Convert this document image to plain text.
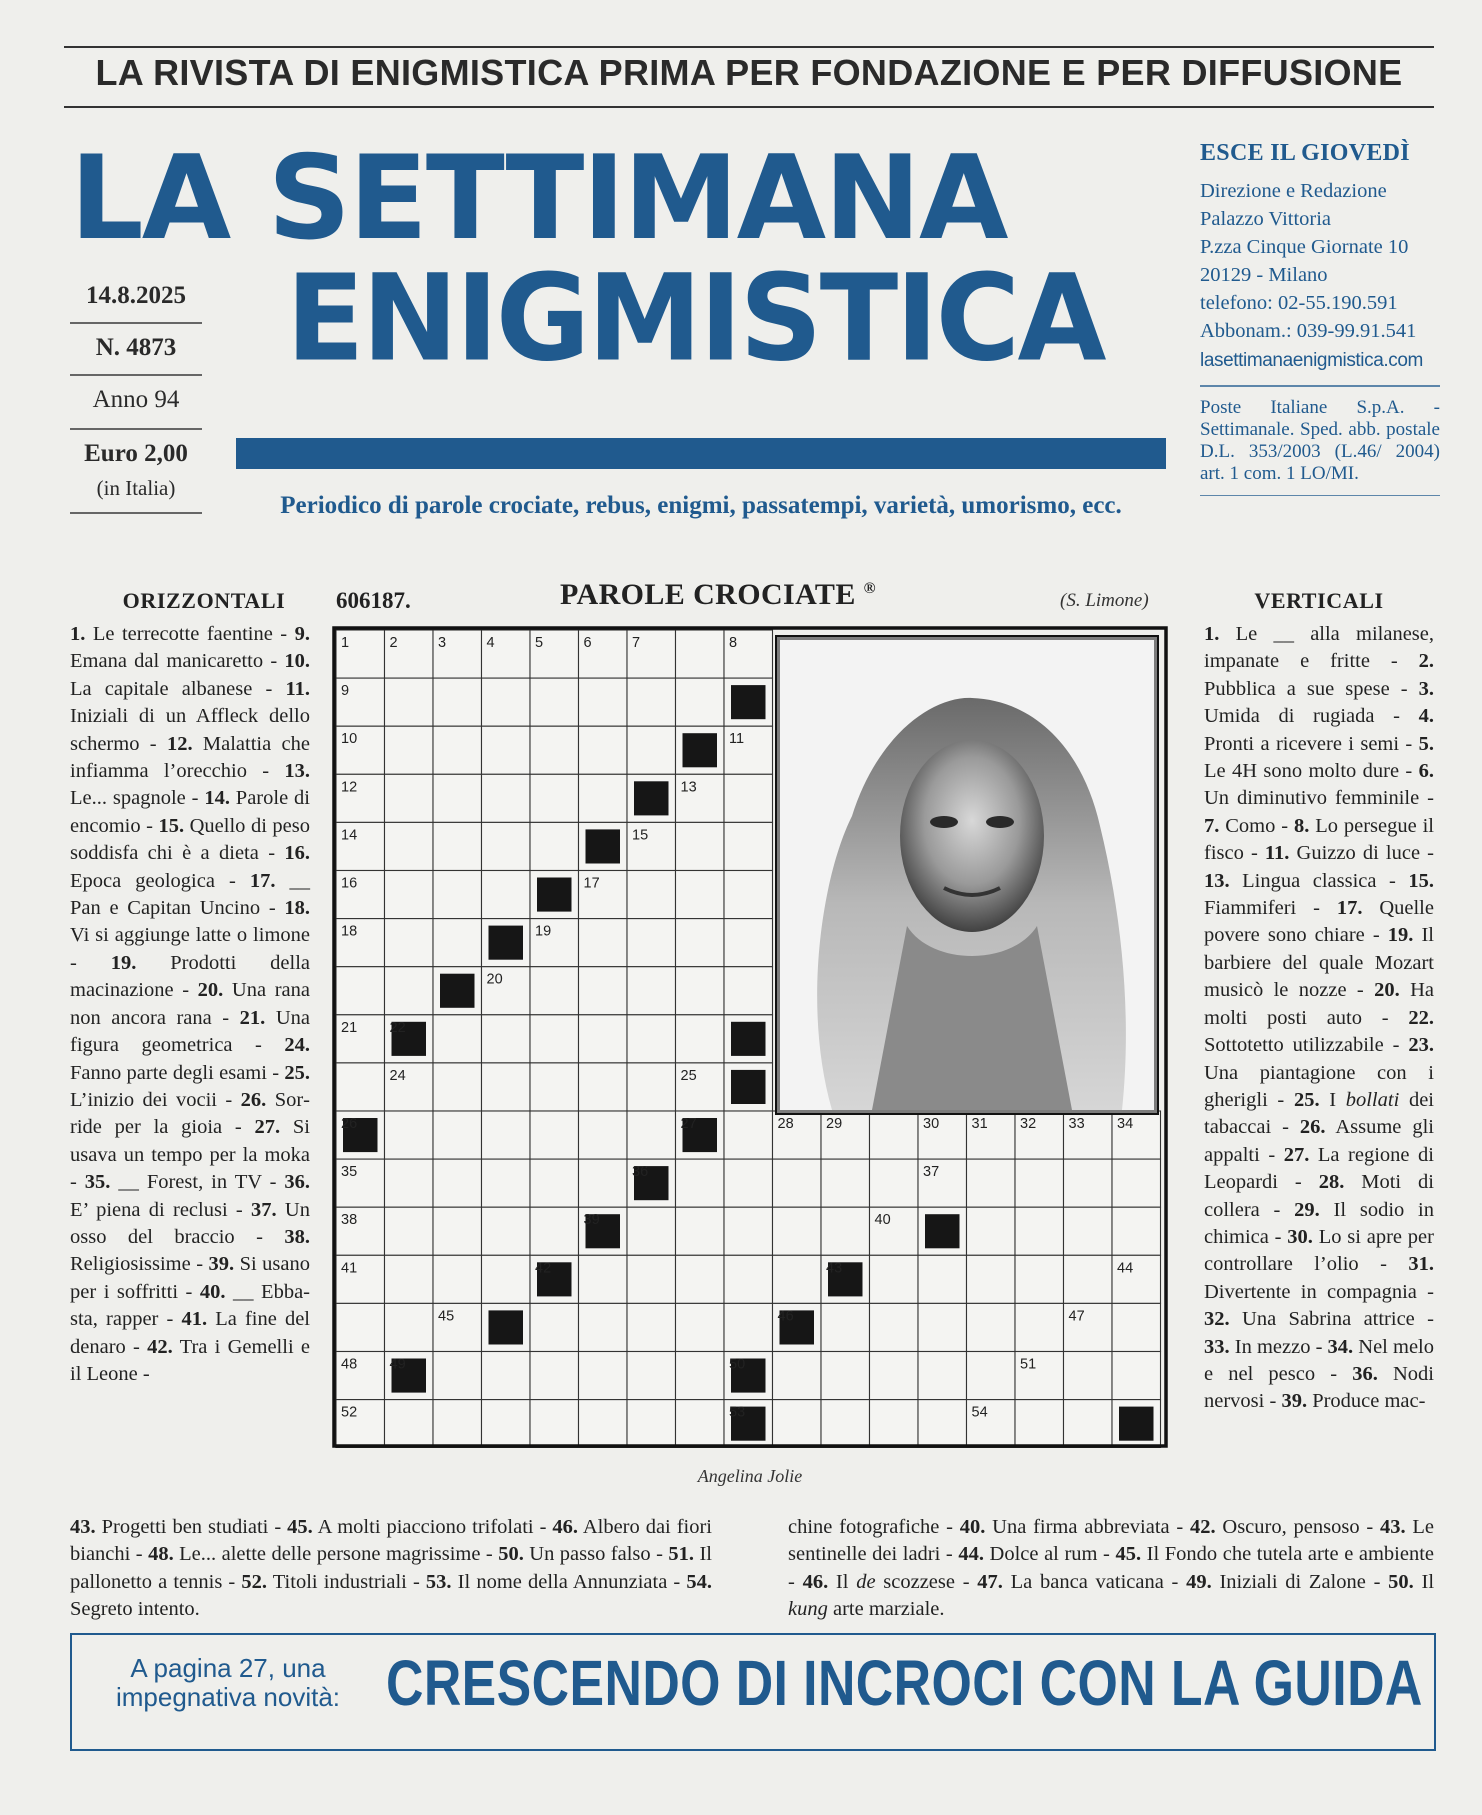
LA RIVISTA DI ENIGMISTICA PRIMA PER FONDAZIONE E PER DIFFUSIONE
LA SETTIMANA
ENIGMISTICA
14.8.2025
N. 4873
Anno 94
Euro 2,00
(in Italia)
Periodico di parole crociate, rebus, enigmi, passatempi, varietà, umorismo, ecc.
ESCE IL GIOVEDÌ
Direzione e Redazione
Palazzo Vittoria
P.zza Cinque Giornate 10
20129 - Milano
telefono: 02-55.190.591
Abbonam.: 039-99.91.541
lasettimanaenigmistica.com
Poste Italiane S.p.A. - Settimanale. Sped. abb. postale D.L. 353/2003 (L.46/ 2004) art. 1 com. 1 LO/MI.
ORIZZONTALI	606187.	PAROLE CROCIATE ®
(S. Limone)	VERTICALI
1. Le terrecotte faentine - 9. Emana dal manicaretto - 10. La capitale albanese - 11. Iniziali di un Affleck dello schermo - 12. Malattia che infiamma l’orecchio - 13. Le... spagnole - 14. Parole di encomio - 15. Quello di peso soddisfa chi è a dieta - 16. Epoca geologica - 17. __ Pan e Capitan Uncino - 18. Vi si aggiunge latte o limone - 19. Prodotti della macinazione - 20. Una rana non ancora rana - 21. Una figura geometrica - 24. Fanno parte degli esami - 25. L’inizio dei vocii - 26. Sorride per la gioia - 27. Si usava un tempo per la moka - 35. __ Forest, in TV - 36. E’ piena di reclusi - 37. Un osso del braccio - 38. Religiosissime - 39. Si usano per i soffritti - 40. __ Ebbasta, rapper - 41. La fine del denaro - 42. Tra i Gemelli e il Leone -
1. Le __ alla milanese, impanate e fritte - 2. Pubblica a sue spese - 3. Umida di rugiada - 4. Pronti a ricevere i semi - 5. Le 4H sono molto dure - 6. Un diminutivo femminile - 7. Como - 8. Lo persegue il fisco - 11. Guizzo di luce - 13. Lingua classica - 15. Fiammiferi - 17. Quelle povere sono chiare - 19. Il barbiere del quale Mozart musicò le nozze - 20. Ha molti posti auto - 22. Sottotetto utilizzabile - 23. Una piantagione con i gherigli - 25. I bollati dei tabaccai - 26. Assume gli appalti - 27. La regione di Leopardi - 28. Moti di collera - 29. Il sodio in chimica - 30. Lo si apre per controllare l’olio - 31. Divertente in compagnia - 32. Una Sabrina attrice - 33. In mezzo - 34. Nel melo e nel pesco - 36. Nodi nervosi - 39. Produce mac-
1	2	3	4	5	6	7	8
9
10	11
12	13
14	15
16	17
18	19
20
21 22
24	25
26	27	28 29	30 31 32 33 34
35	36	37
38	39	40
41	42	43	44
45	46	47
48 49	50	51
52	53	54
Angelina Jolie
43. Progetti ben studiati - 45. A molti piacciono trifolati - 46. Albero dai fiori bianchi - 48. Le... alette delle persone magrissime - 50. Un passo falso - 51. Il pallonetto a tennis - 52. Titoli industriali - 53. Il nome della Annunziata - 54. Segreto intento.
chine fotografiche - 40. Una firma abbreviata - 42. Oscuro, pensoso - 43. Le sentinelle dei ladri - 44. Dolce al rum - 45. Il Fondo che tutela arte e ambiente - 46. Il de scozzese - 47. La banca vaticana - 49. Iniziali di Zalone - 50. Il kung arte marziale.
A pagina 27, una
impegnativa novità: CRESCENDO DI INCROCI CON LA GUIDA
